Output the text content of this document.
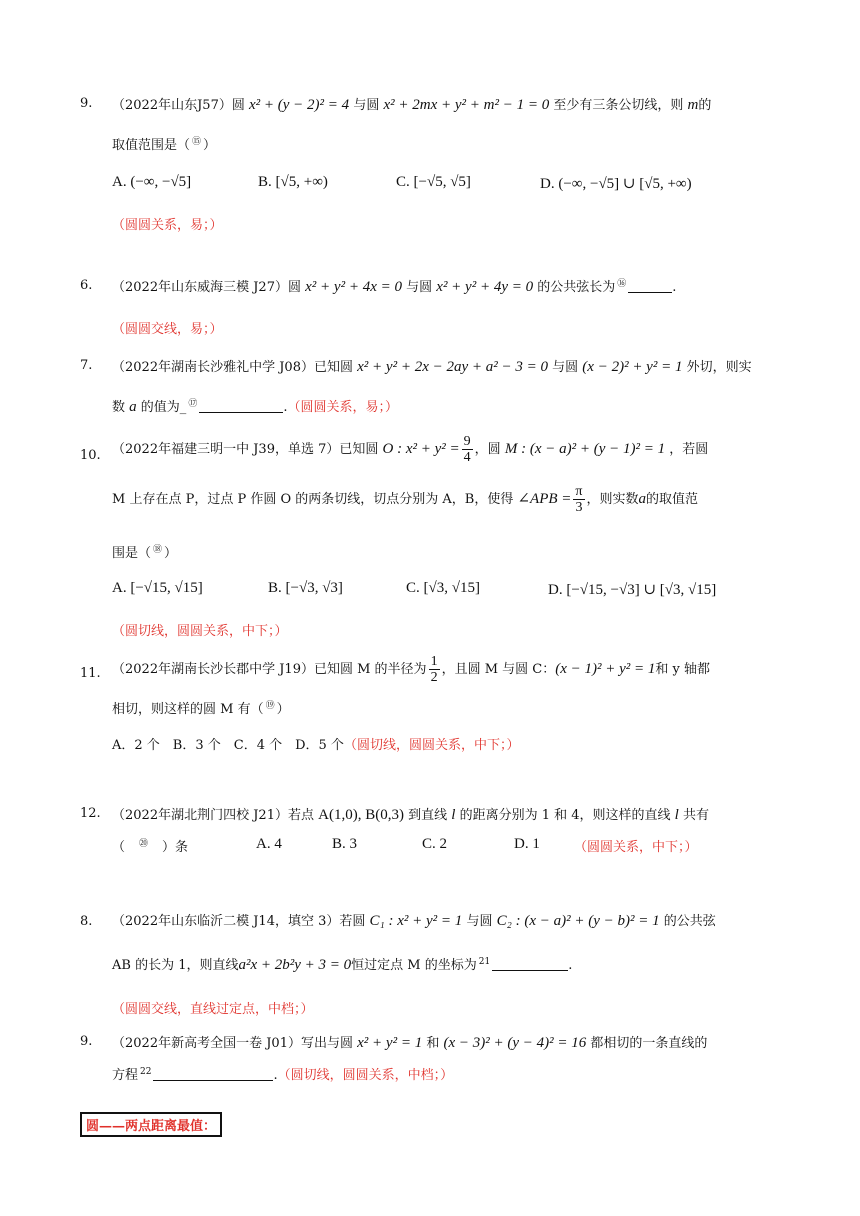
9. （2022年山东J57）圆 x² + (y − 2)² = 4 与圆 x² + 2mx + y² + m² − 1 = 0 至少有三条公切线，则 m的
取值范围是（ ⑮ ）
A. (−∞, −√5]	B. [√5, +∞)	C. [−√5, √5]	D. (−∞, −√5] ∪ [√5, +∞)
（圆圆关系，易；）
6. （2022年山东威海三模 J27）圆 x² + y² + 4x = 0 与圆 x² + y² + 4y = 0 的公共弦长为 ⑯	.
（圆圆交线，易；）
7. （2022年湖南长沙雅礼中学 J08）已知圆 x² + y² + 2x − 2ay + a² − 3 = 0 与圆 (x − 2)² + y² = 1 外切，则实
数 a 的值为_ ⑰	.（圆圆关系，易；）
10. （2022年福建三明一中 J39，单选 7）已知圆 O : $x^2 + y^2 = \frac{9}{4}$ ，圆 M : (x − a)² + (y − 1)² = 1 ，若圆
M 上存在点 P，过点 P 作圆 O 的两条切线，切点分别为 A，B，使得 ∠APB = $\frac{\pi}{3}$ ，则实数a的取值范
围是（ ⑱ ）
A. [−√15, √15]	B. [−√3, √3]	C. [√3, √15]	D. [−√15, −√3] ∪ [√3, √15]
（圆切线，圆圆关系，中下；）
11. （2022年湖南长沙长郡中学 J19）已知圆 M 的半径为 $\frac{1}{2}$ ，且圆 M 与圆 C：(x − 1)² + y² = 1和 y 轴都
相切，则这样的圆 M 有（ ⑲ ）
A．2 个　B．3 个　C．4 个　D．5 个（圆切线，圆圆关系，中下；）
12. （2022年湖北荆门四校 J21）若点 A(1,0), B(0,3) 到直线 l 的距离分别为 1 和 4，则这样的直线 l 共有
（ ⑳ ）条	A. 4	B. 3	C. 2	D. 1	（圆圆关系，中下；）
8. （2022年山东临沂二模 J14，填空 3）若圆 C₁ : x² + y² = 1 与圆 C₂ : (x − a)² + (y − b)² = 1 的公共弦
AB 的长为 1，则直线a²x + 2b²y + 3 = 0恒过定点 M 的坐标为 $^{21}$	.
（圆圆交线，直线过定点，中档；）
9. （2022年新高考全国一卷 J01）写出与圆 x² + y² = 1 和 (x − 3)² + (y − 4)² = 16 都相切的一条直线的
方程 $^{22}$	.（圆切线，圆圆关系，中档；）
圆——两点距离最值：
